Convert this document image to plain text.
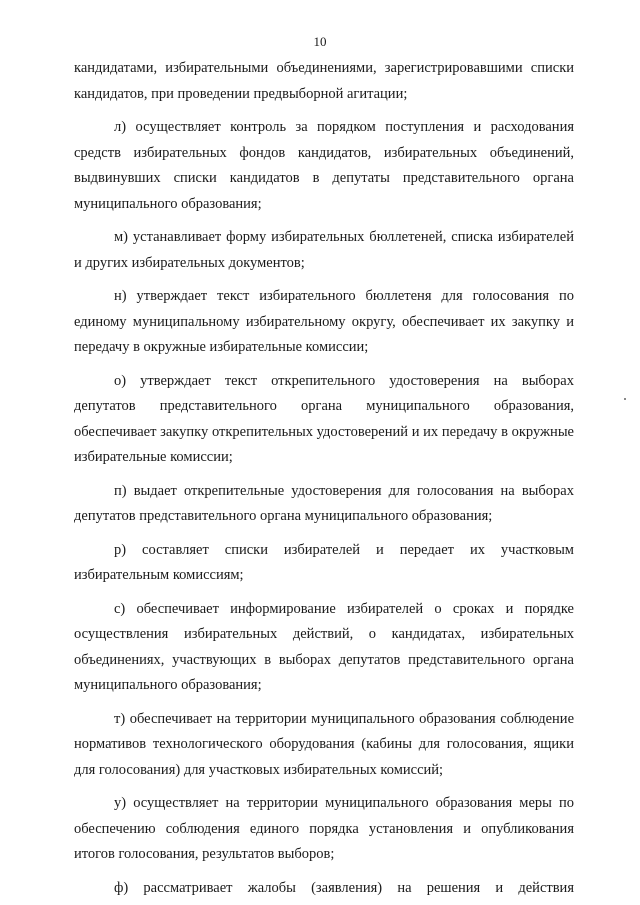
10

кандидатами, избирательными объединениями, зарегистрировавшими списки кандидатов, при проведении предвыборной агитации;

л) осуществляет контроль за порядком поступления и расходования средств избирательных фондов кандидатов, избирательных объединений, выдвинувших списки кандидатов в депутаты представительного органа муниципального образования;

м) устанавливает форму избирательных бюллетеней, списка избирателей и других избирательных документов;

н) утверждает текст избирательного бюллетеня для голосования по единому муниципальному избирательному округу, обеспечивает их закупку и передачу в окружные избирательные комиссии;

о) утверждает текст открепительного удостоверения на выборах депутатов представительного органа муниципального образования, обеспечивает закупку открепительных удостоверений и их передачу в окружные избирательные комиссии;

п) выдает открепительные удостоверения для голосования на выборах депутатов представительного органа муниципального образования;

р) составляет списки избирателей и передает их участковым избирательным комиссиям;

с) обеспечивает информирование избирателей о сроках и порядке осуществления избирательных действий, о кандидатах, избирательных объединениях, участвующих в выборах депутатов представительного органа муниципального образования;

т) обеспечивает на территории муниципального образования соблюдение нормативов технологического оборудования (кабины для голосования, ящики для голосования) для участковых избирательных комиссий;

у) осуществляет на территории муниципального образования меры по обеспечению соблюдения единого порядка установления и опубликования итогов голосования, результатов выборов;

ф) рассматривает жалобы (заявления) на решения и действия
